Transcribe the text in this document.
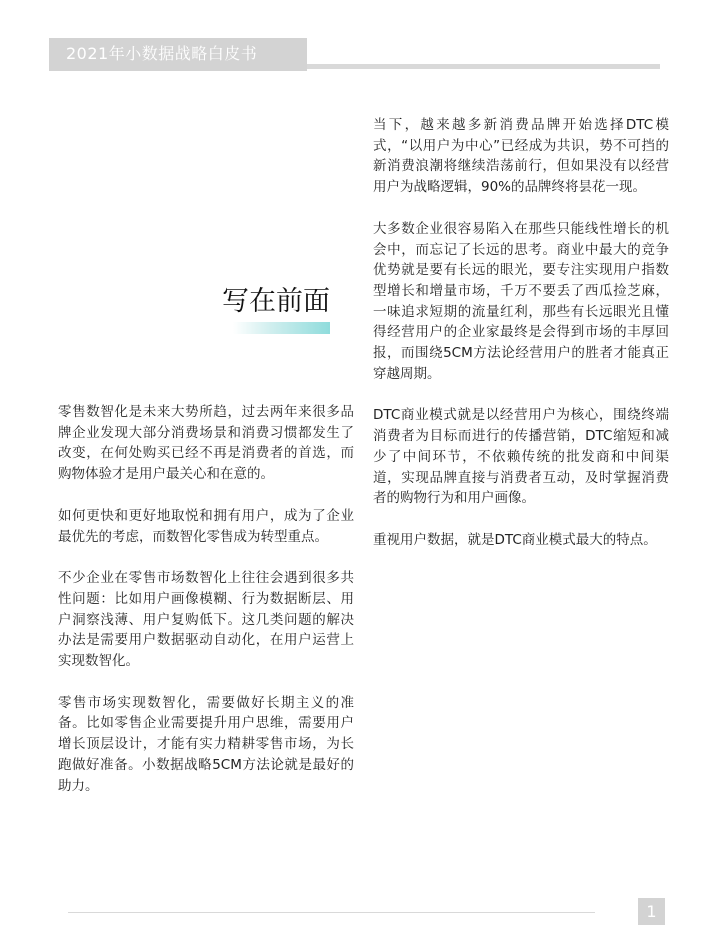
2021年小数据战略白皮书
写在前面

零售数智化是未来大势所趋，过去两年来很多品牌企业发现大部分消费场景和消费习惯都发生了改变，在何处购买已经不再是消费者的首选，而购物体验才是用户最关心和在意的。

如何更快和更好地取悦和拥有用户，成为了企业最优先的考虑，而数智化零售成为转型重点。

不少企业在零售市场数智化上往往会遇到很多共性问题：比如用户画像模糊、行为数据断层、用户洞察浅薄、用户复购低下。这几类问题的解决办法是需要用户数据驱动自动化，在用户运营上实现数智化。

零售市场实现数智化，需要做好长期主义的准备。比如零售企业需要提升用户思维，需要用户增长顶层设计，才能有实力精耕零售市场，为长跑做好准备。小数据战略5CM方法论就是最好的助力。

当下，越来越多新消费品牌开始选择DTC模式，“以用户为中心”已经成为共识，势不可挡的新消费浪潮将继续浩荡前行，但如果没有以经营用户为战略逻辑，90%的品牌终将昙花一现。

大多数企业很容易陷入在那些只能线性增长的机会中，而忘记了长远的思考。商业中最大的竞争优势就是要有长远的眼光，要专注实现用户指数型增长和增量市场，千万不要丢了西瓜捡芝麻，一味追求短期的流量红利，那些有长远眼光且懂得经营用户的企业家最终是会得到市场的丰厚回报，而围绕5CM方法论经营用户的胜者才能真正穿越周期。

DTC商业模式就是以经营用户为核心，围绕终端消费者为目标而进行的传播营销，DTC缩短和减少了中间环节，不依赖传统的批发商和中间渠道，实现品牌直接与消费者互动，及时掌握消费者的购物行为和用户画像。

重视用户数据，就是DTC商业模式最大的特点。

1
